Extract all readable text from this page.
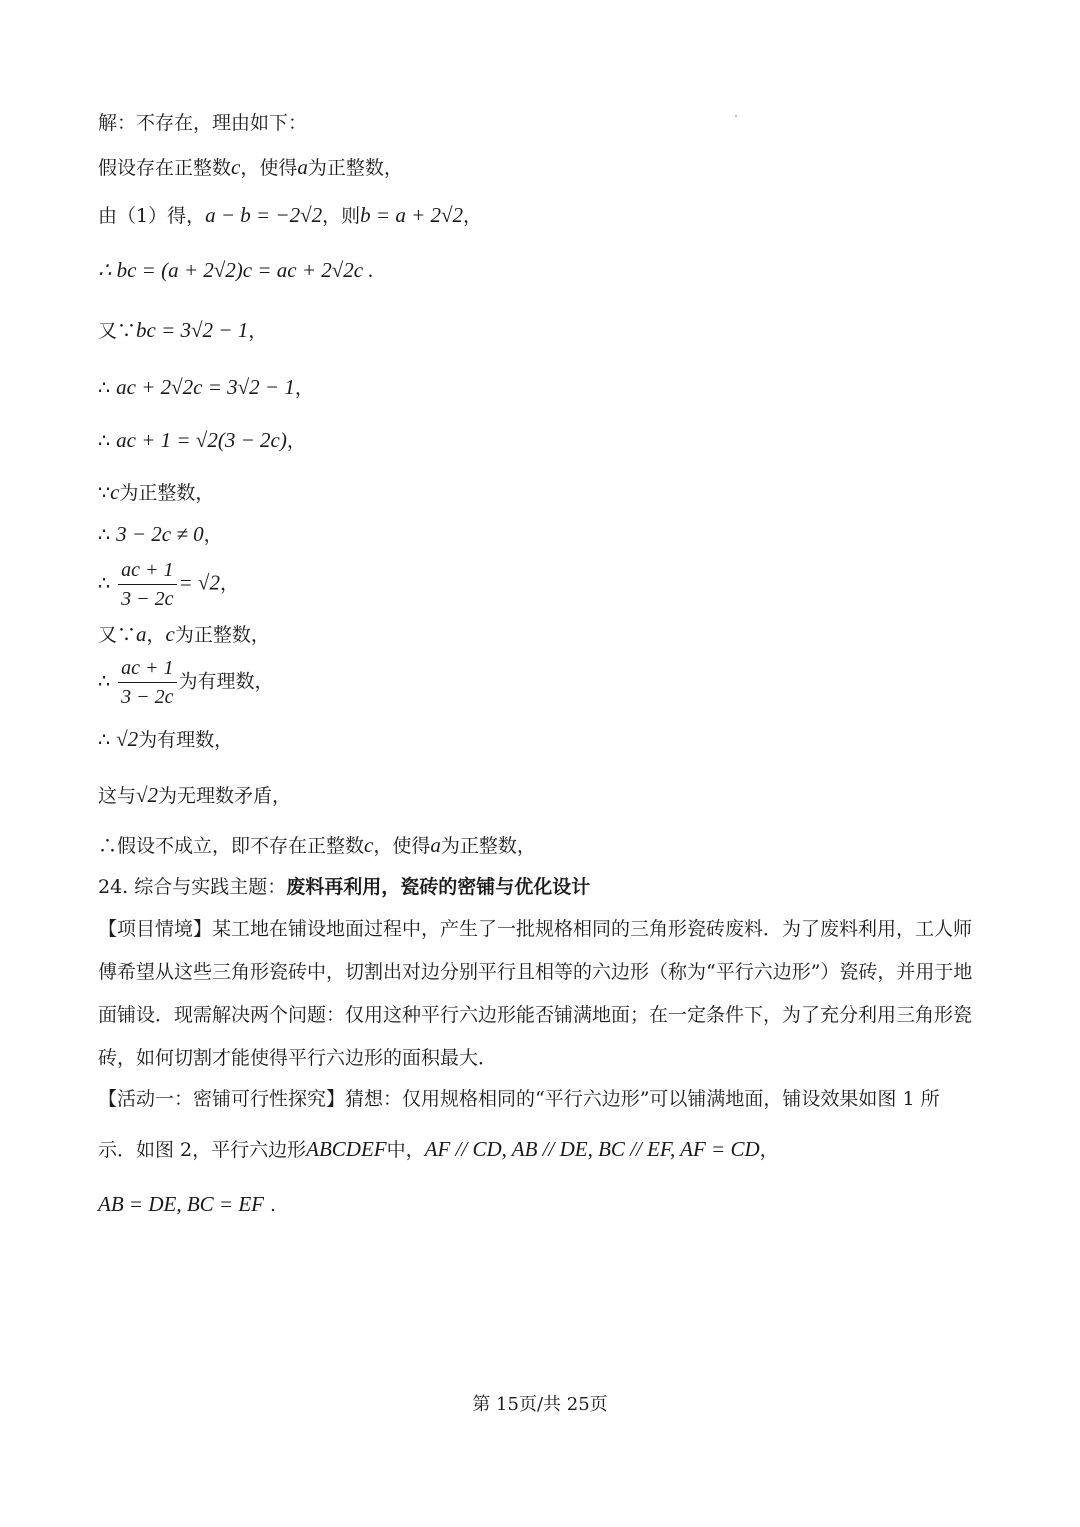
解：不存在，理由如下：
假设存在正整数c，使得a为正整数，
由（1）得，a − b = −2√2，则b = a + 2√2，
∴ bc = (a + 2√2)c = ac + 2√2c .
又∵bc = 3√2 − 1，
∴ ac + 2√2c = 3√2 − 1，
∴ ac + 1 = √2(3 − 2c)，
∵c为正整数，
∴ 3 − 2c ≠ 0，
∴ $\frac{ac + 1}{3 - 2c} = √2$，
又∵a，c为正整数，
∴ $\frac{ac + 1}{3 - 2c}$ 为有理数，
∴ √2为有理数，
这与√2为无理数矛盾，
∴假设不成立，即不存在正整数c，使得a为正整数，
24. 综合与实践主题：废料再利用，瓷砖的密铺与优化设计
【项目情境】某工地在铺设地面过程中，产生了一批规格相同的三角形瓷砖废料．为了废料利用，工人师傅希望从这些三角形瓷砖中，切割出对边分别平行且相等的六边形（称为“平行六边形”）瓷砖，并用于地面铺设．现需解决两个问题：仅用这种平行六边形能否铺满地面；在一定条件下，为了充分利用三角形瓷砖，如何切割才能使得平行六边形的面积最大．
【活动一：密铺可行性探究】猜想：仅用规格相同的“平行六边形”可以铺满地面，铺设效果如图 1 所
示．如图 2，平行六边形ABCDEF中，AF // CD, AB // DE, BC // EF, AF = CD，
AB = DE, BC = EF .
第 15页/共 25页
